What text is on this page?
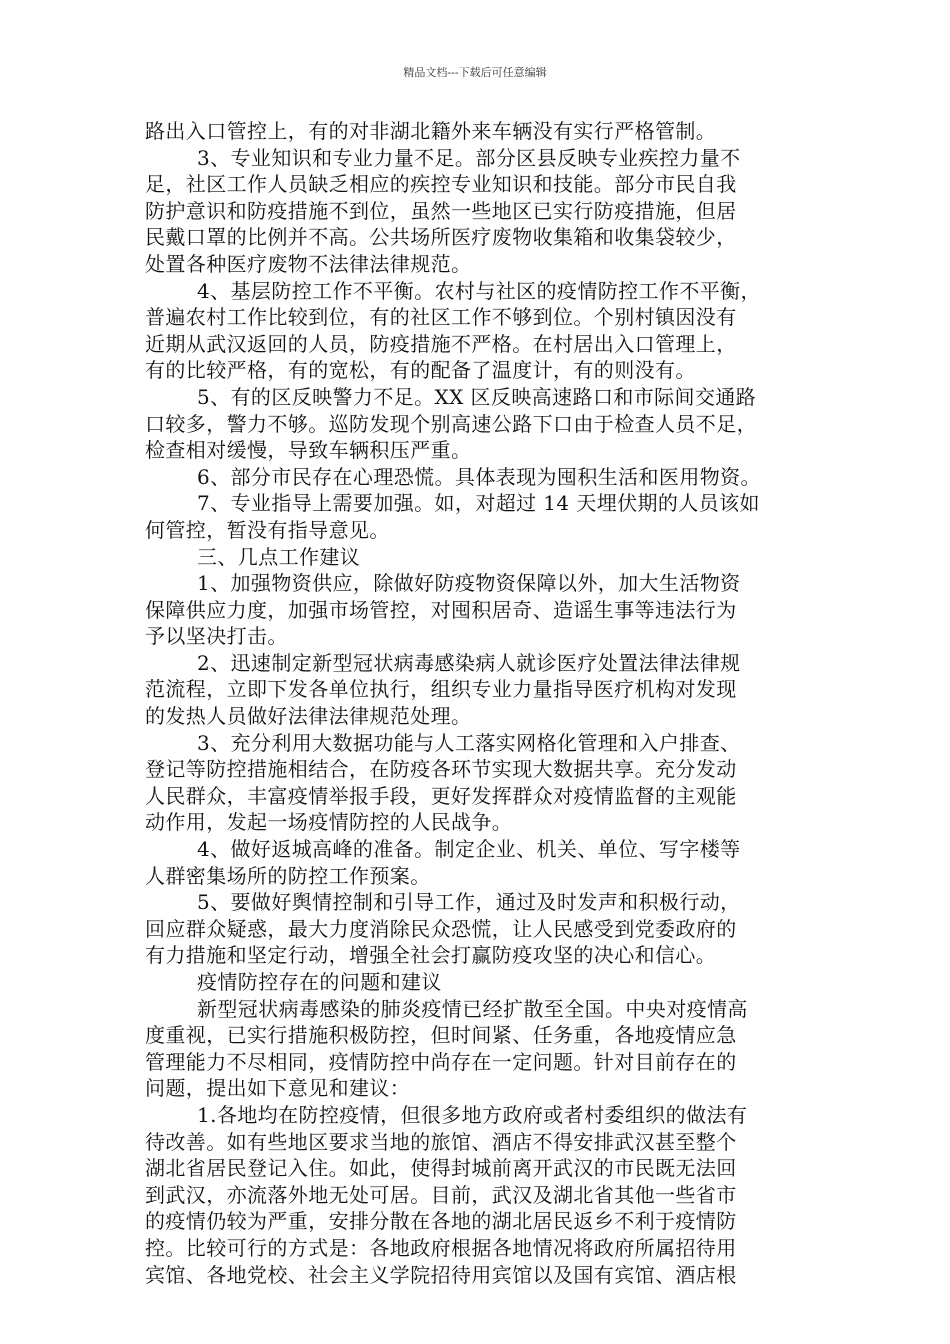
精品文档---下载后可任意编辑
路出入口管控上，有的对非湖北籍外来车辆没有实行严格管制。
3、专业知识和专业力量不足。部分区县反映专业疾控力量不
足，社区工作人员缺乏相应的疾控专业知识和技能。部分市民自我
防护意识和防疫措施不到位，虽然一些地区已实行防疫措施，但居
民戴口罩的比例并不高。公共场所医疗废物收集箱和收集袋较少，
处置各种医疗废物不法律法律规范。
4、基层防控工作不平衡。农村与社区的疫情防控工作不平衡，
普遍农村工作比较到位，有的社区工作不够到位。个别村镇因没有
近期从武汉返回的人员，防疫措施不严格。在村居出入口管理上，
有的比较严格，有的宽松，有的配备了温度计，有的则没有。
5、有的区反映警力不足。XX 区反映高速路口和市际间交通路
口较多，警力不够。巡防发现个别高速公路下口由于检查人员不足，
检查相对缓慢，导致车辆积压严重。
6、部分市民存在心理恐慌。具体表现为囤积生活和医用物资。
7、专业指导上需要加强。如，对超过 14 天埋伏期的人员该如
何管控，暂没有指导意见。
三、几点工作建议
1、加强物资供应，除做好防疫物资保障以外，加大生活物资
保障供应力度，加强市场管控，对囤积居奇、造谣生事等违法行为
予以坚决打击。
2、迅速制定新型冠状病毒感染病人就诊医疗处置法律法律规
范流程，立即下发各单位执行，组织专业力量指导医疗机构对发现
的发热人员做好法律法律规范处理。
3、充分利用大数据功能与人工落实网格化管理和入户排查、
登记等防控措施相结合，在防疫各环节实现大数据共享。充分发动
人民群众，丰富疫情举报手段，更好发挥群众对疫情监督的主观能
动作用，发起一场疫情防控的人民战争。
4、做好返城高峰的准备。制定企业、机关、单位、写字楼等
人群密集场所的防控工作预案。
5、要做好舆情控制和引导工作，通过及时发声和积极行动，
回应群众疑惑，最大力度消除民众恐慌，让人民感受到党委政府的
有力措施和坚定行动，增强全社会打赢防疫攻坚的决心和信心。
疫情防控存在的问题和建议
新型冠状病毒感染的肺炎疫情已经扩散至全国。中央对疫情高
度重视，已实行措施积极防控，但时间紧、任务重，各地疫情应急
管理能力不尽相同，疫情防控中尚存在一定问题。针对目前存在的
问题，提出如下意见和建议：
1.各地均在防控疫情，但很多地方政府或者村委组织的做法有
待改善。如有些地区要求当地的旅馆、酒店不得安排武汉甚至整个
湖北省居民登记入住。如此，使得封城前离开武汉的市民既无法回
到武汉，亦流落外地无处可居。目前，武汉及湖北省其他一些省市
的疫情仍较为严重，安排分散在各地的湖北居民返乡不利于疫情防
控。比较可行的方式是：各地政府根据各地情况将政府所属招待用
宾馆、各地党校、社会主义学院招待用宾馆以及国有宾馆、酒店根
